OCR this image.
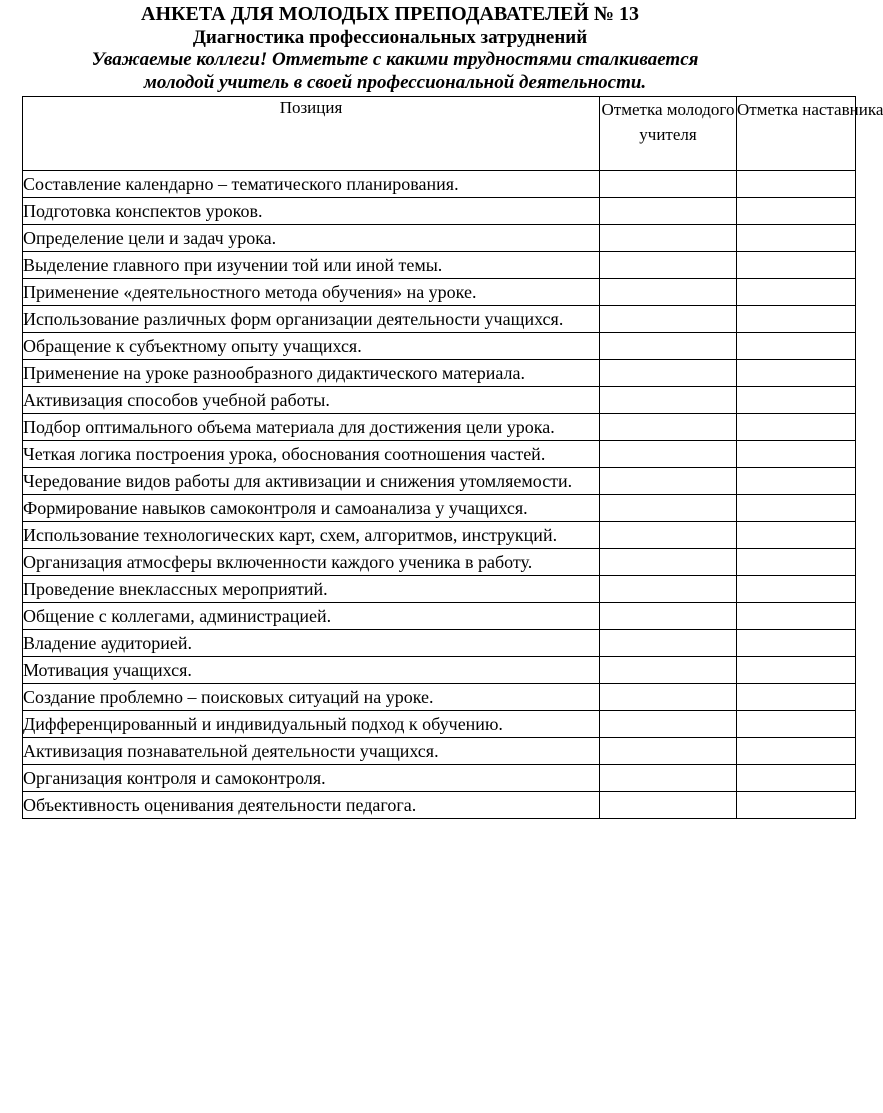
АНКЕТА ДЛЯ МОЛОДЫХ ПРЕПОДАВАТЕЛЕЙ № 13
Диагностика профессиональных затруднений
Уважаемые коллеги! Отметьте с какими трудностями сталкивается
молодой учитель в своей профессиональной деятельности.
Позиция	Отметка молодого учителя	Отметка наставника
Составление календарно – тематического планирования.		
Подготовка конспектов уроков.		
Определение цели и задач урока.		
Выделение главного при изучении той или иной темы.		
Применение «деятельностного метода обучения» на уроке.		
Использование различных форм организации деятельности учащихся.		
Обращение к субъектному опыту учащихся.		
Применение на уроке разнообразного дидактического материала.		
Активизация способов учебной работы.		
Подбор оптимального объема материала для достижения цели урока.		
Четкая логика построения урока, обоснования соотношения частей.		
Чередование видов работы для активизации и снижения утомляемости.		
Формирование навыков самоконтроля и самоанализа у учащихся.		
Использование технологических карт, схем, алгоритмов, инструкций.		
Организация атмосферы включенности каждого ученика в работу.		
Проведение внеклассных мероприятий.		
Общение с коллегами, администрацией.		
Владение аудиторией.		
Мотивация учащихся.		
Создание проблемно – поисковых ситуаций на уроке.		
Дифференцированный и индивидуальный подход к обучению.		
Активизация познавательной деятельности учащихся.		
Организация контроля и самоконтроля.		
Объективность оценивания деятельности педагога.		
